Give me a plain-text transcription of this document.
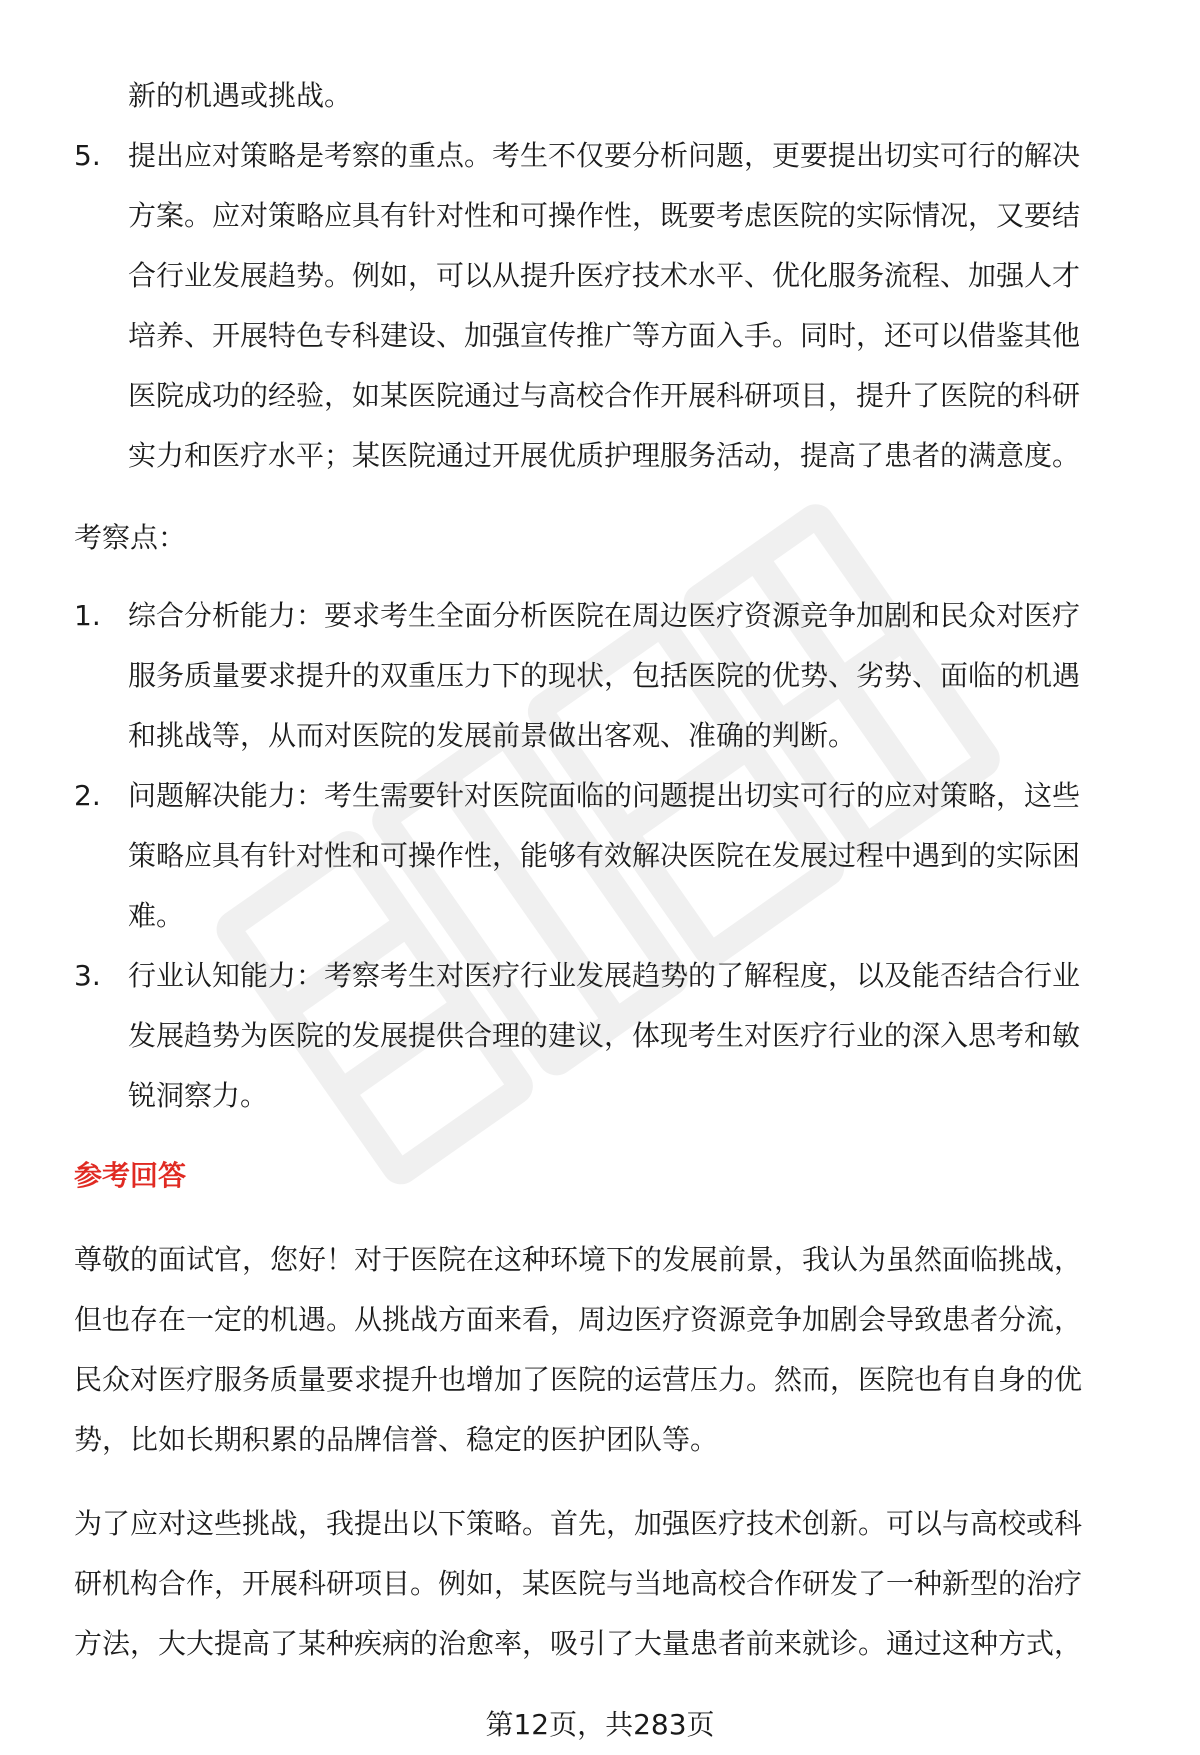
新的机遇或挑战。
5. 提出应对策略是考察的重点。考生不仅要分析问题，更要提出切实可行的解决
方案。应对策略应具有针对性和可操作性，既要考虑医院的实际情况，又要结
合行业发展趋势。例如，可以从提升医疗技术水平、优化服务流程、加强人才
培养、开展特色专科建设、加强宣传推广等方面入手。同时，还可以借鉴其他
医院成功的经验，如某医院通过与高校合作开展科研项目，提升了医院的科研
实力和医疗水平；某医院通过开展优质护理服务活动，提高了患者的满意度。
考察点：
1. 综合分析能力：要求考生全面分析医院在周边医疗资源竞争加剧和民众对医疗
服务质量要求提升的双重压力下的现状，包括医院的优势、劣势、面临的机遇
和挑战等，从而对医院的发展前景做出客观、准确的判断。
2. 问题解决能力：考生需要针对医院面临的问题提出切实可行的应对策略，这些
策略应具有针对性和可操作性，能够有效解决医院在发展过程中遇到的实际困
难。
3. 行业认知能力：考察考生对医疗行业发展趋势的了解程度，以及能否结合行业
发展趋势为医院的发展提供合理的建议，体现考生对医疗行业的深入思考和敏
锐洞察力。
参考回答
尊敬的面试官，您好！对于医院在这种环境下的发展前景，我认为虽然面临挑战，
但也存在一定的机遇。从挑战方面来看，周边医疗资源竞争加剧会导致患者分流，
民众对医疗服务质量要求提升也增加了医院的运营压力。然而，医院也有自身的优
势，比如长期积累的品牌信誉、稳定的医护团队等。
为了应对这些挑战，我提出以下策略。首先，加强医疗技术创新。可以与高校或科
研机构合作，开展科研项目。例如，某医院与当地高校合作研发了一种新型的治疗
方法，大大提高了某种疾病的治愈率，吸引了大量患者前来就诊。通过这种方式，
第12页，共283页
